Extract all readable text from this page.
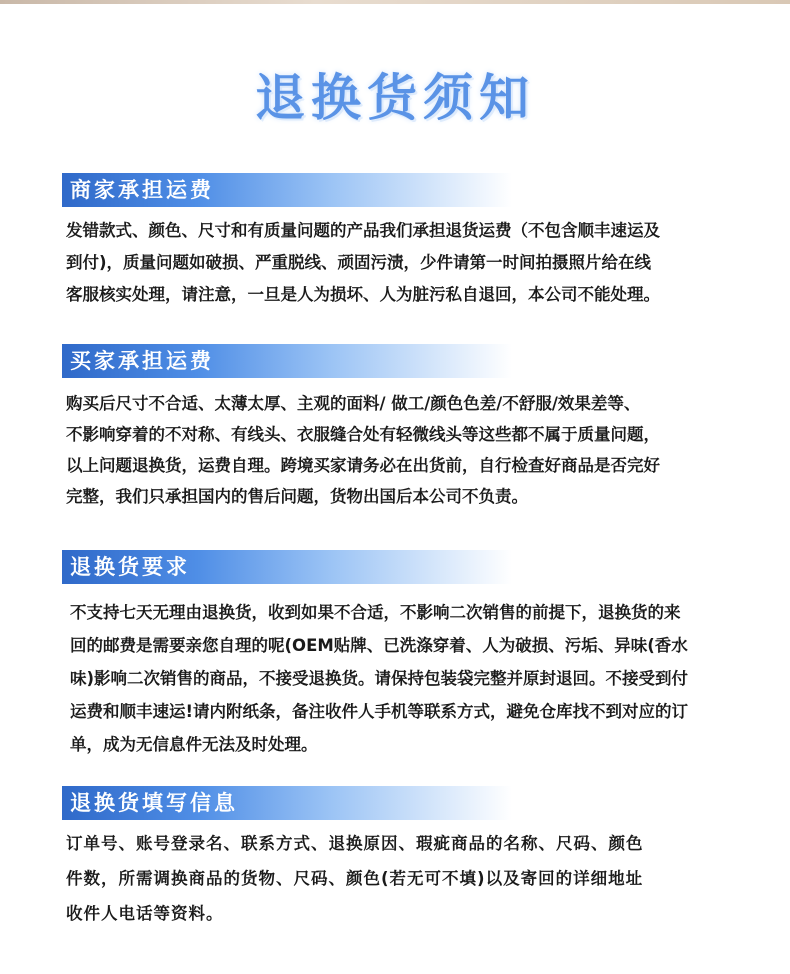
退换货须知
商家承担运费

发错款式、颜色、尺寸和有质量问题的产品我们承担退货运费（不包含顺丰速运及

到付)，质量问题如破损、严重脱线、顽固污渍，少件请第一时间拍摄照片给在线

客服核实处理，请注意，一旦是人为损坏、人为脏污私自退回，本公司不能处理。

买家承担运费

购买后尺寸不合适、太薄太厚、主观的面料/ 做工/颜色色差/不舒服/效果差等、

不影响穿着的不对称、有线头、衣服缝合处有轻微线头等这些都不属于质量问题，

以上问题退换货，运费自理。跨境买家请务必在出货前，自行检查好商品是否完好

完整，我们只承担国内的售后问题，货物出国后本公司不负责。

退换货要求

不支持七天无理由退换货，收到如果不合适，不影响二次销售的前提下，退换货的来

回的邮费是需要亲您自理的呢(OEM贴牌、已洗涤穿着、人为破损、污垢、异味(香水

味)影响二次销售的商品，不接受退换货。请保持包装袋完整并原封退回。不接受到付

运费和顺丰速运!请内附纸条，备注收件人手机等联系方式，避免仓库找不到对应的订

单，成为无信息件无法及时处理。

退换货填写信息

订单号、账号登录名、联系方式、退换原因、瑕疵商品的名称、尺码、颜色

件数，所需调换商品的货物、尺码、颜色(若无可不填)以及寄回的详细地址

收件人电话等资料。
